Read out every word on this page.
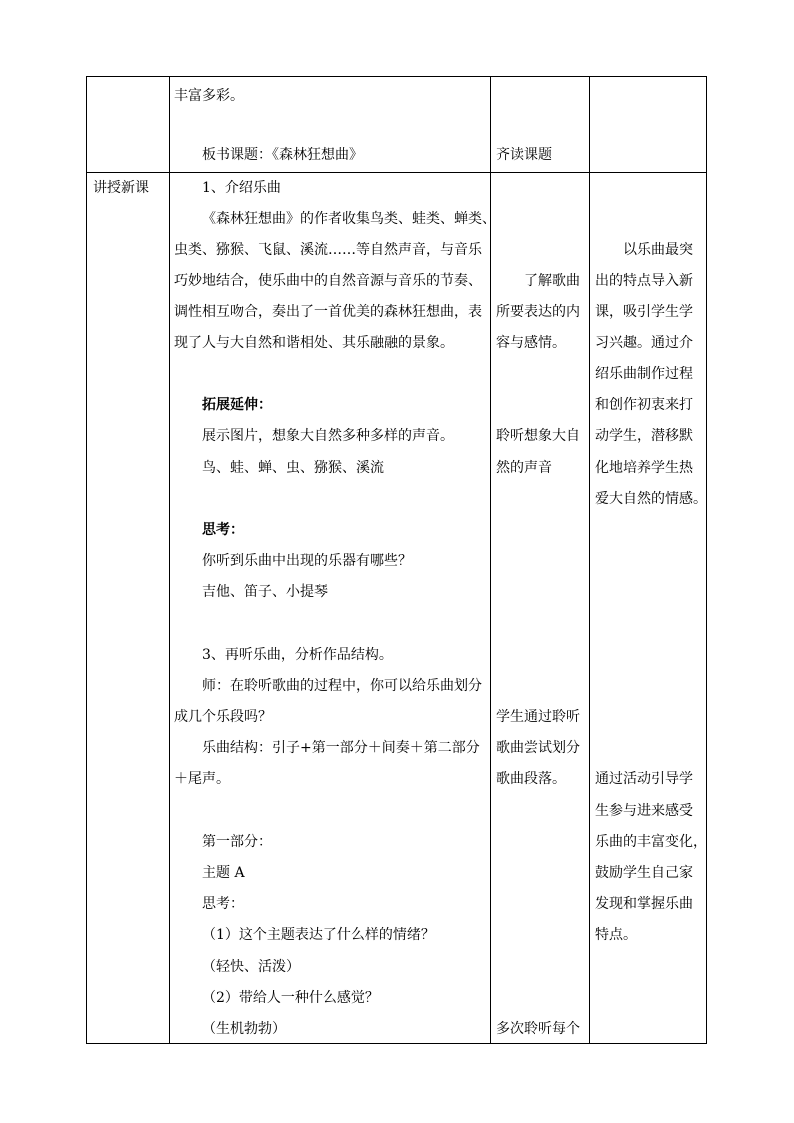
丰富多彩。
板书课题：《森林狂想曲》	齐读课题
讲授新课	1、介绍乐曲
《森林狂想曲》的作者收集鸟类、蛙类、蝉类、
虫类、猕猴、飞鼠、溪流……等自然声音，与音乐
巧妙地结合，使乐曲中的自然音源与音乐的节奏、
调性相互吻合，奏出了一首优美的森林狂想曲，表
现了人与大自然和谐相处、其乐融融的景象。
拓展延伸：
展示图片，想象大自然多种多样的声音。
鸟、蛙、蝉、虫、猕猴、溪流
思考：
你听到乐曲中出现的乐器有哪些？
吉他、笛子、小提琴
3、再听乐曲，分析作品结构。
师：在聆听歌曲的过程中，你可以给乐曲划分
成几个乐段吗？
乐曲结构：引子+第一部分＋间奏＋第二部分
＋尾声。
第一部分：
主题 A
思考：
（1）这个主题表达了什么样的情绪？
（轻快、活泼）
（2）带给人一种什么感觉？
（生机勃勃）
了解歌曲
所要表达的内
容与感情。
聆听想象大自
然的声音
学生通过聆听
歌曲尝试划分
歌曲段落。
多次聆听每个
以乐曲最突
出的特点导入新
课，吸引学生学
习兴趣。通过介
绍乐曲制作过程
和创作初衷来打
动学生，潜移默
化地培养学生热
爱大自然的情感。
通过活动引导学
生参与进来感受
乐曲的丰富变化，
鼓励学生自己家
发现和掌握乐曲
特点。
